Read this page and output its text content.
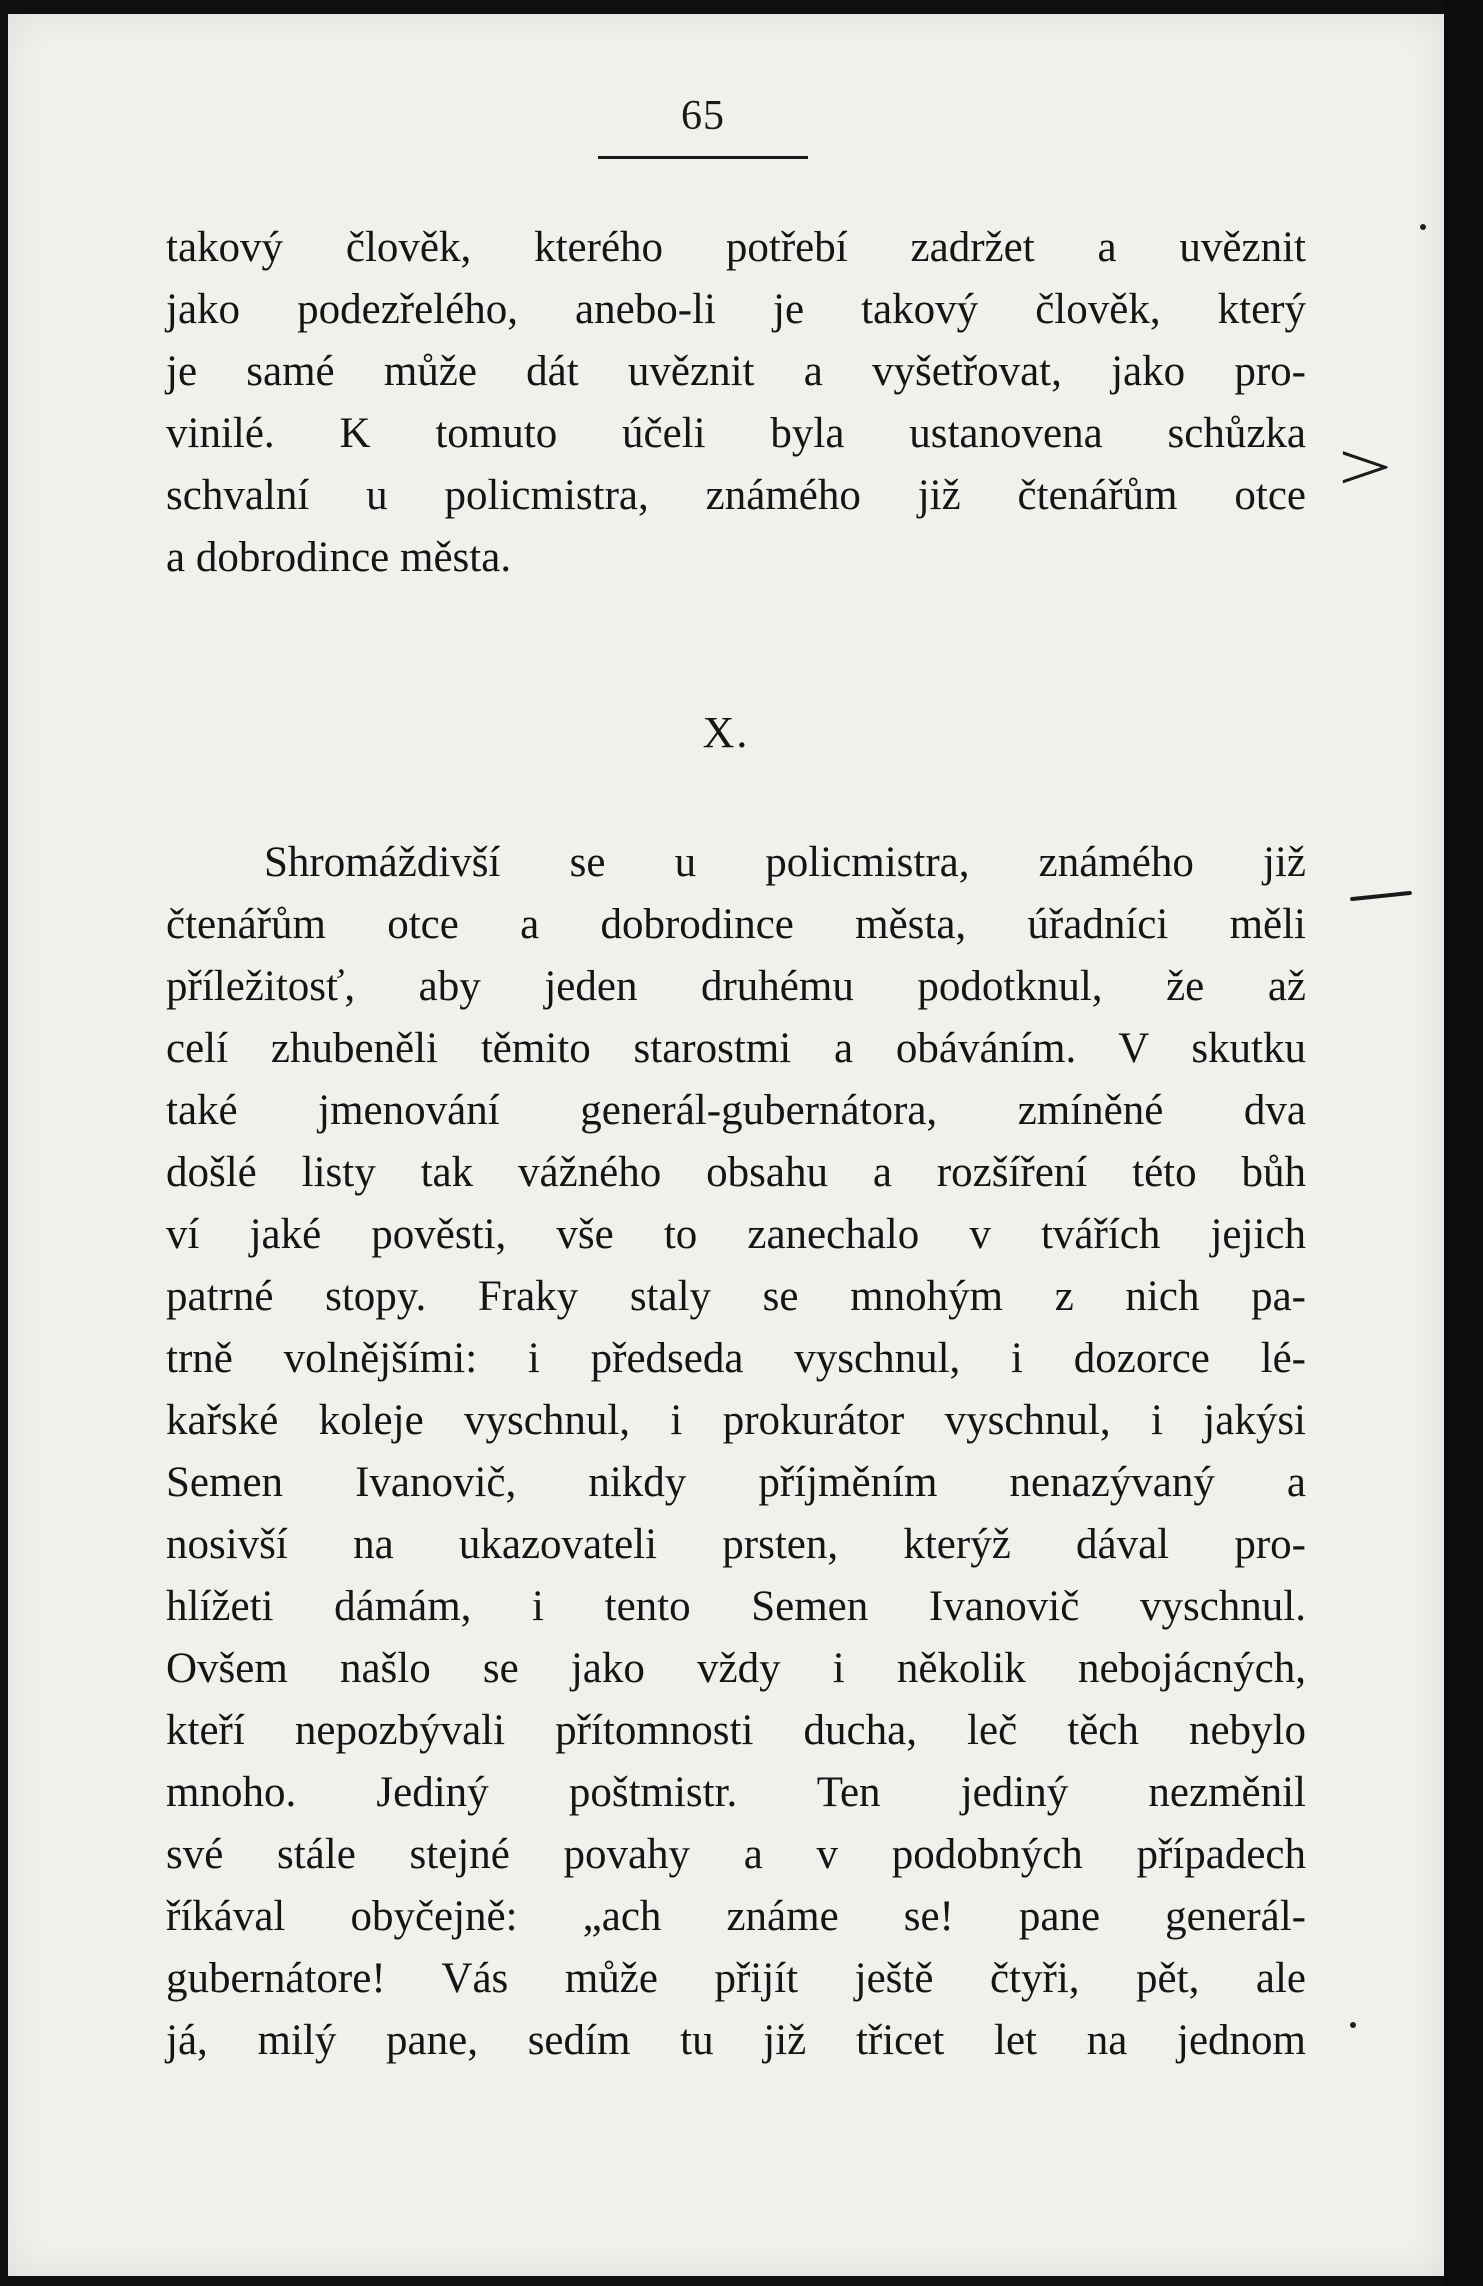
65

takový člověk, kterého potřebí zadržet a uvěznit
jako podezřelého, anebo-li je takový člověk, který
je samé může dát uvěznit a vyšetřovat, jako pro-
vinilé. K tomuto účeli byla ustanovena schůzka
schvalní u policmistra, známého již čtenářům otce
a dobrodince města.

X.

Shromáždivší se u policmistra, známého již
čtenářům otce a dobrodince města, úřadníci měli
příležitosť, aby jeden druhému podotknul, že až
celí zhubeněli těmito starostmi a obáváním. V skutku
také jmenování generál-gubernátora, zmíněné dva
došlé listy tak vážného obsahu a rozšíření této bůh
ví jaké pověsti, vše to zanechalo v tvářích jejich
patrné stopy. Fraky staly se mnohým z nich pa-
trně volnějšími: i předseda vyschnul, i dozorce lé-
kařské koleje vyschnul, i prokurátor vyschnul, i jakýsi
Semen Ivanovič, nikdy příjměním nenazývaný a
nosivší na ukazovateli prsten, kterýž dával pro-
hlížeti dámám, i tento Semen Ivanovič vyschnul.
Ovšem našlo se jako vždy i několik nebojácných,
kteří nepozbývali přítomnosti ducha, leč těch nebylo
mnoho. Jediný poštmistr. Ten jediný nezměnil
své stále stejné povahy a v podobných případech
říkával obyčejně: „ach známe se! pane generál-
gubernátore! Vás může přijít ještě čtyři, pět, ale
já, milý pane, sedím tu již třicet let na jednom

>
